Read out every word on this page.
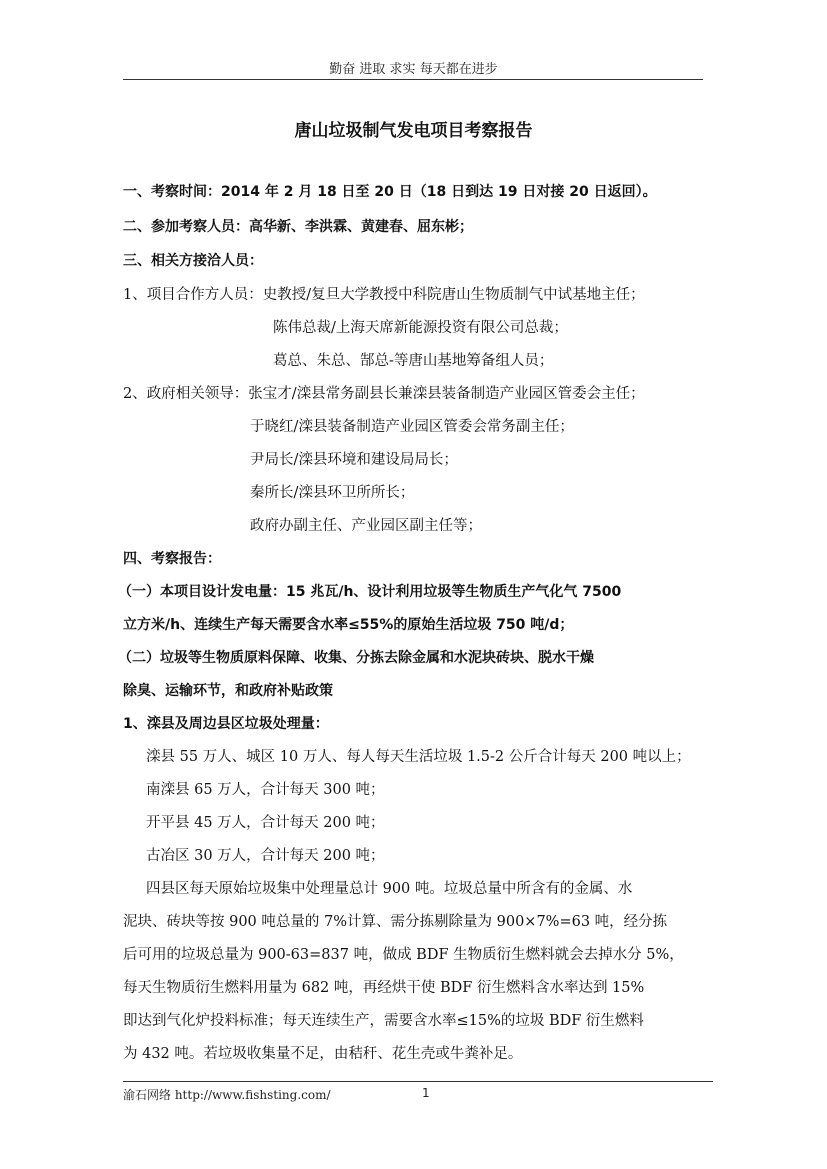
勤奋 进取 求实 每天都在进步
唐山垃圾制气发电项目考察报告
一、考察时间：2014 年 2 月 18 日至 20 日（18 日到达 19 日对接 20 日返回）。
二、参加考察人员：高华新、李洪霖、黄建春、屈东彬；
三、相关方接洽人员：
1、项目合作方人员：史教授/复旦大学教授中科院唐山生物质制气中试基地主任；
陈伟总裁/上海天席新能源投资有限公司总裁；
葛总、朱总、郜总-等唐山基地筹备组人员；
2、政府相关领导：张宝才/滦县常务副县长兼滦县装备制造产业园区管委会主任；
于晓红/滦县装备制造产业园区管委会常务副主任；
尹局长/滦县环境和建设局局长；
秦所长/滦县环卫所所长；
政府办副主任、产业园区副主任等；
四、考察报告：
（一）本项目设计发电量：15 兆瓦/h、设计利用垃圾等生物质生产气化气 7500
立方米/h、连续生产每天需要含水率≤55%的原始生活垃圾 750 吨/d；
（二）垃圾等生物质原料保障、收集、分拣去除金属和水泥块砖块、脱水干燥
除臭、运输环节，和政府补贴政策
1、滦县及周边县区垃圾处理量：
滦县 55 万人、城区 10 万人、每人每天生活垃圾 1.5-2 公斤合计每天 200 吨以上；
南滦县 65 万人，合计每天 300 吨；
开平县 45 万人，合计每天 200 吨；
古冶区 30 万人，合计每天 200 吨；
四县区每天原始垃圾集中处理量总计 900 吨。垃圾总量中所含有的金属、水
泥块、砖块等按 900 吨总量的 7%计算、需分拣剔除量为 900×7%=63 吨，经分拣
后可用的垃圾总量为 900-63=837 吨，做成 BDF 生物质衍生燃料就会去掉水分 5%，
每天生物质衍生燃料用量为 682 吨，再经烘干使 BDF 衍生燃料含水率达到 15%
即达到气化炉投料标准；每天连续生产，需要含水率≤15%的垃圾 BDF 衍生燃料
为 432 吨。若垃圾收集量不足，由秸秆、花生壳或牛粪补足。
渝石网络 http://www.fishsting.com/	1
